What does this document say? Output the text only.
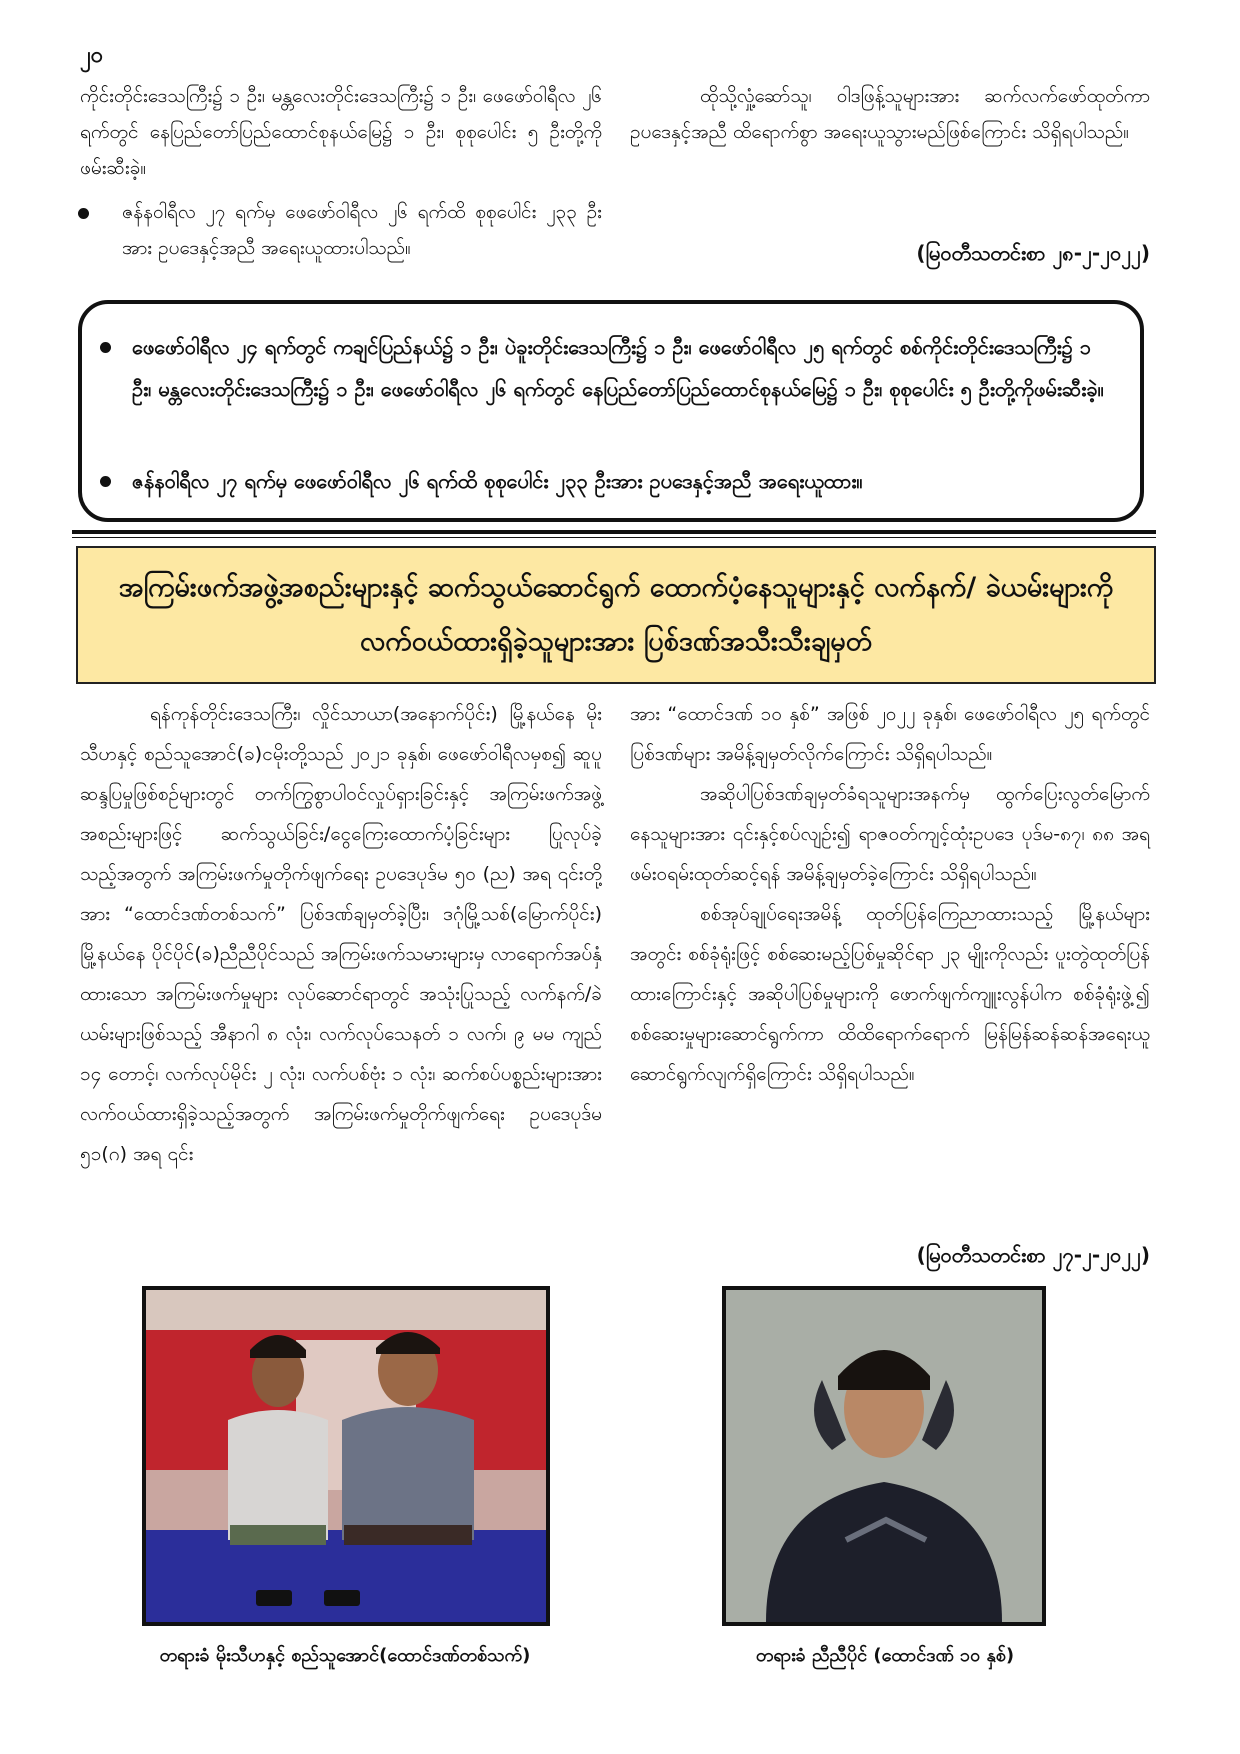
၂၀

ကိုင်းတိုင်းဒေသကြီး၌ ၁ ဦး၊ မန္တလေးတိုင်းဒေသကြီး၌ ၁ ဦး၊ ဖေဖော်ဝါရီလ ၂၆ ရက်တွင် နေပြည်တော်ပြည်ထောင်စုနယ်မြေ၌ ၁ ဦး၊ စုစုပေါင်း ၅ ဦးတို့ကိုဖမ်းဆီးခဲ့။

ဇန်နဝါရီလ ၂၇ ရက်မှ ဖေဖော်ဝါရီလ ၂၆ ရက်ထိ စုစုပေါင်း ၂၃၃ ဦးအား ဥပဒေနှင့်အညီ အရေးယူထားပါသည်။

ထိုသို့လှုံ့ဆော်သူ၊ ဝါဒဖြန့်သူများအား ဆက်လက်ဖော်ထုတ်ကာ ဥပဒေနှင့်အညီ ထိရောက်စွာ အရေးယူသွားမည်ဖြစ်ကြောင်း သိရှိရပါသည်။

(မြဝတီသတင်းစာ ၂၈-၂-၂၀၂၂)
ဖေဖော်ဝါရီလ ၂၄ ရက်တွင် ကချင်ပြည်နယ်၌ ၁ ဦး၊ ပဲခူးတိုင်းဒေသကြီး၌ ၁ ဦး၊ ဖေဖော်ဝါရီလ ၂၅ ရက်တွင် စစ်ကိုင်းတိုင်းဒေသကြီး၌ ၁ ဦး၊ မန္တလေးတိုင်းဒေသကြီး၌ ၁ ဦး၊ ဖေဖော်ဝါရီလ ၂၆ ရက်တွင် နေပြည်တော်ပြည်ထောင်စုနယ်မြေ၌ ၁ ဦး၊ စုစုပေါင်း ၅ ဦးတို့ကိုဖမ်းဆီးခဲ့။
ဇန်နဝါရီလ ၂၇ ရက်မှ ဖေဖော်ဝါရီလ ၂၆ ရက်ထိ စုစုပေါင်း ၂၃၃ ဦးအား ဥပဒေနှင့်အညီ အရေးယူထား။
အကြမ်းဖက်အဖွဲ့အစည်းများနှင့် ဆက်သွယ်ဆောင်ရွက် ထောက်ပံ့နေသူများနှင့် လက်နက်/ ခဲယမ်းများကို လက်ဝယ်ထားရှိခဲ့သူများအား ပြစ်ဒဏ်အသီးသီးချမှတ်

ရန်ကုန်တိုင်းဒေသကြီး၊ လှိုင်သာယာ(အနောက်ပိုင်း) မြို့နယ်နေ မိုးသီဟနှင့် စည်သူအောင်(ခ)ငမိုးတို့သည် ၂၀၂၁ ခုနှစ်၊ ဖေဖော်ဝါရီလမှစ၍ ဆူပူဆန္ဒပြမှုဖြစ်စဉ်များတွင် တက်ကြွစွာပါဝင်လှုပ်ရှားခြင်းနှင့် အကြမ်းဖက်အဖွဲ့အစည်းများဖြင့် ဆက်သွယ်ခြင်း/ငွေကြေးထောက်ပံ့ခြင်းများ ပြုလုပ်ခဲ့သည့်အတွက် အကြမ်းဖက်မှုတိုက်ဖျက်ရေး ဥပဒေပုဒ်မ ၅၀ (ည) အရ ၎င်းတို့အား “ထောင်ဒဏ်တစ်သက်” ပြစ်ဒဏ်ချမှတ်ခဲ့ပြီး၊ ဒဂုံမြို့သစ်(မြောက်ပိုင်း) မြို့နယ်နေ ပိုင်ပိုင်(ခ)ညီညီပိုင်သည် အကြမ်းဖက်သမားများမှ လာရောက်အပ်နှံထားသော အကြမ်းဖက်မှုများ လုပ်ဆောင်ရာတွင် အသုံးပြုသည့် လက်နက်/ခဲယမ်းများဖြစ်သည့် အီနာဂါ ၈ လုံး၊ လက်လုပ်သေနတ် ၁ လက်၊ ၉ မမ ကျည် ၁၄ တောင့်၊ လက်လုပ်မိုင်း ၂ လုံး၊ လက်ပစ်ဗုံး ၁ လုံး၊ ဆက်စပ်ပစ္စည်းများအား လက်ဝယ်ထားရှိခဲ့သည့်အတွက် အကြမ်းဖက်မှုတိုက်ဖျက်ရေး ဥပဒေပုဒ်မ ၅၁(ဂ) အရ ၎င်း

အား “ထောင်ဒဏ် ၁၀ နှစ်” အဖြစ် ၂၀၂၂ ခုနှစ်၊ ဖေဖော်ဝါရီလ ၂၅ ရက်တွင် ပြစ်ဒဏ်များ အမိန့်ချမှတ်လိုက်ကြောင်း သိရှိရပါသည်။

အဆိုပါပြစ်ဒဏ်ချမှတ်ခံရသူများအနက်မှ ထွက်ပြေးလွတ်မြောက်နေသူများအား ၎င်းနှင့်စပ်လျဉ်း၍ ရာဇဝတ်ကျင့်ထုံးဥပဒေ ပုဒ်မ-၈၇၊ ၈၈ အရ ဖမ်းဝရမ်းထုတ်ဆင့်ရန် အမိန့်ချမှတ်ခဲ့ကြောင်း သိရှိရပါသည်။

စစ်အုပ်ချုပ်ရေးအမိန့် ထုတ်ပြန်ကြေညာထားသည့် မြို့နယ်များအတွင်း စစ်ခုံရုံးဖြင့် စစ်ဆေးမည့်ပြစ်မှုဆိုင်ရာ ၂၃ မျိုးကိုလည်း ပူးတွဲထုတ်ပြန်ထားကြောင်းနှင့် အဆိုပါပြစ်မှုများကို ဖောက်ဖျက်ကျူးလွန်ပါက စစ်ခုံရုံးဖွဲ့၍ စစ်ဆေးမှုများဆောင်ရွက်ကာ ထိထိရောက်ရောက် မြန်မြန်ဆန်ဆန်အရေးယူဆောင်ရွက်လျက်ရှိကြောင်း သိရှိရပါသည်။

(မြဝတီသတင်းစာ ၂၇-၂-၂၀၂၂)
တရားခံ မိုးသီဟနှင့် စည်သူအောင်(ထောင်ဒဏ်တစ်သက်)	တရားခံ ညီညီပိုင် (ထောင်ဒဏ် ၁၀ နှစ်)
